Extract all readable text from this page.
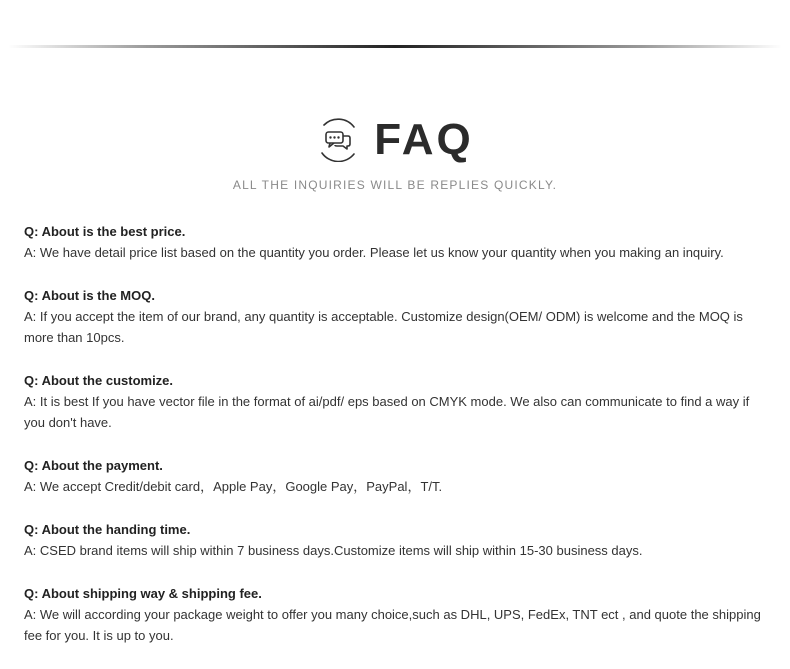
FAQ
ALL THE INQUIRIES WILL BE REPLIES QUICKLY.
Q: About is the best price.
A: We have detail price list based on the quantity you order. Please let us know your quantity when you making an inquiry.
Q: About is the MOQ.
A: If you accept the item of our brand, any quantity is acceptable. Customize design(OEM/ ODM) is welcome and the MOQ is more than 10pcs.
Q: About the customize.
A: It is best If you have vector file in the format of ai/pdf/ eps based on CMYK mode. We also can communicate to find a way if you don't have.
Q: About the payment.
A: We accept Credit/debit card，Apple Pay，Google Pay，PayPal，T/T.
Q: About the handing time.
A: CSED brand items will ship within 7 business days.Customize items will ship within 15-30 business days.
Q: About shipping way & shipping fee.
A: We will according your package weight to offer you many choice,such as DHL, UPS, FedEx, TNT ect , and quote the shipping fee for you. It is up to you.
